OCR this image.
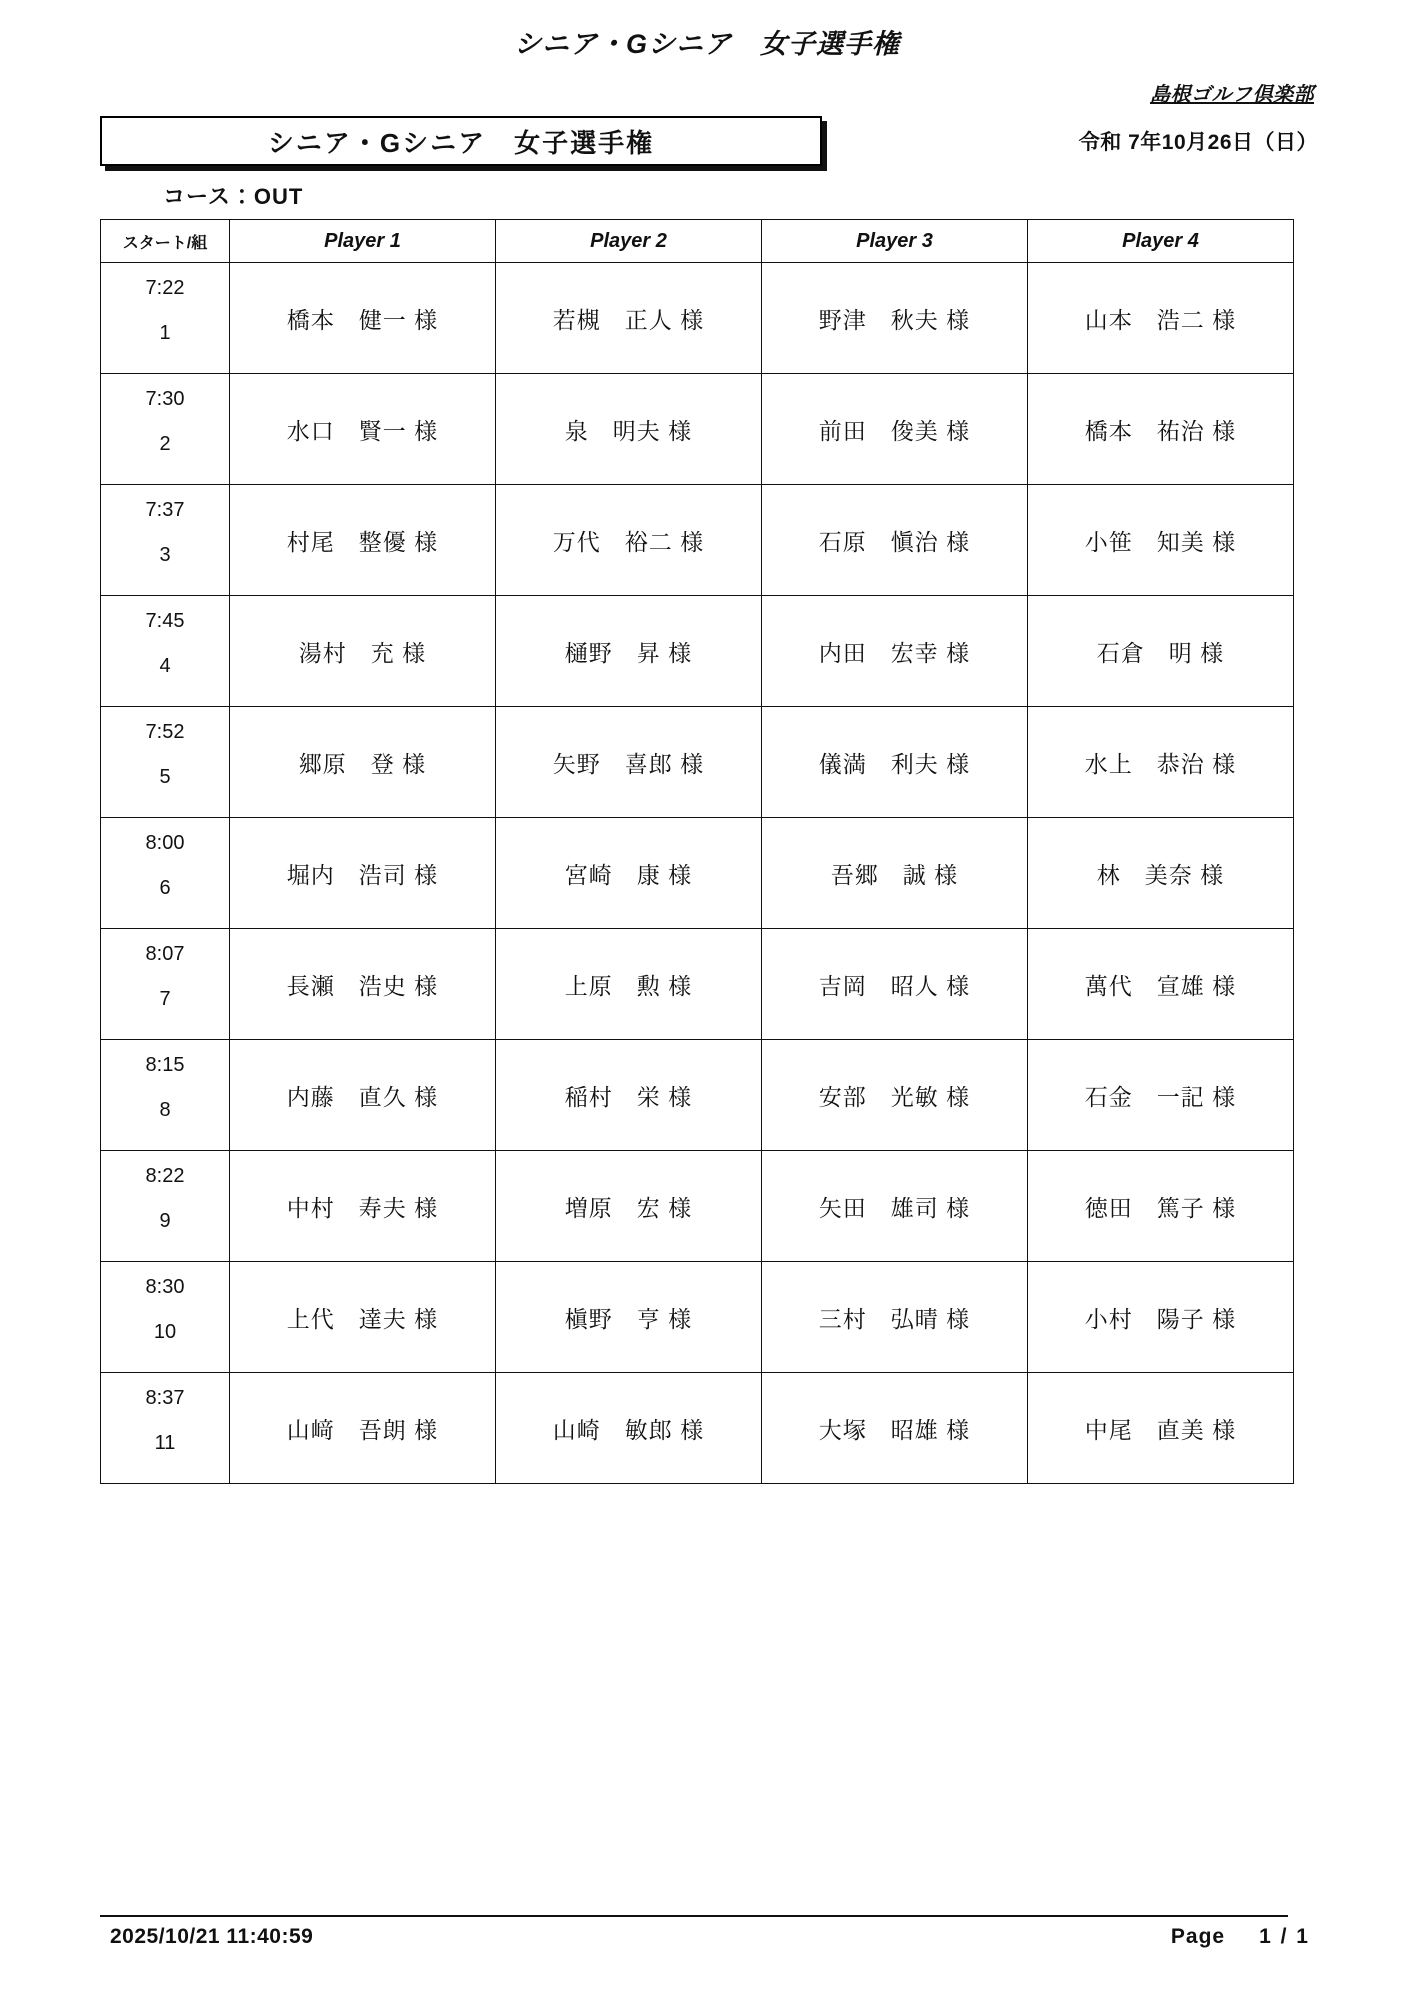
シニア・Gシニア　女子選手権
島根ゴルフ倶楽部
シニア・Gシニア　女子選手権	令和 7年10月26日（日）
コース：OUT
スタート/組	Player 1	Player 2	Player 3	Player 4

7:22
1	橋本　健一 様	若槻　正人 様	野津　秋夫 様	山本　浩二 様

7:30
2	水口　賢一 様	泉　明夫 様	前田　俊美 様	橋本　祐治 様

7:37
3	村尾　整優 様	万代　裕二 様	石原　愼治 様	小笹　知美 様

7:45
4	湯村　充 様	樋野　昇 様	内田　宏幸 様	石倉　明 様

7:52
5	郷原　登 様	矢野　喜郎 様	儀満　利夫 様	水上　恭治 様

8:00
6	堀内　浩司 様	宮崎　康 様	吾郷　誠 様	林　美奈 様

8:07
7	長瀬　浩史 様	上原　勲 様	吉岡　昭人 様	萬代　宣雄 様

8:15
8	内藤　直久 様	稲村　栄 様	安部　光敏 様	石金　一記 様

8:22
9	中村　寿夫 様	増原　宏 様	矢田　雄司 様	徳田　篤子 様

8:30
10	上代　達夫 様	槇野　亨 様	三村　弘晴 様	小村　陽子 様

8:37
11	山﨑　吾朗 様	山崎　敏郎 様	大塚　昭雄 様	中尾　直美 様
2025/10/21 11:40:59	Page 1 / 1
